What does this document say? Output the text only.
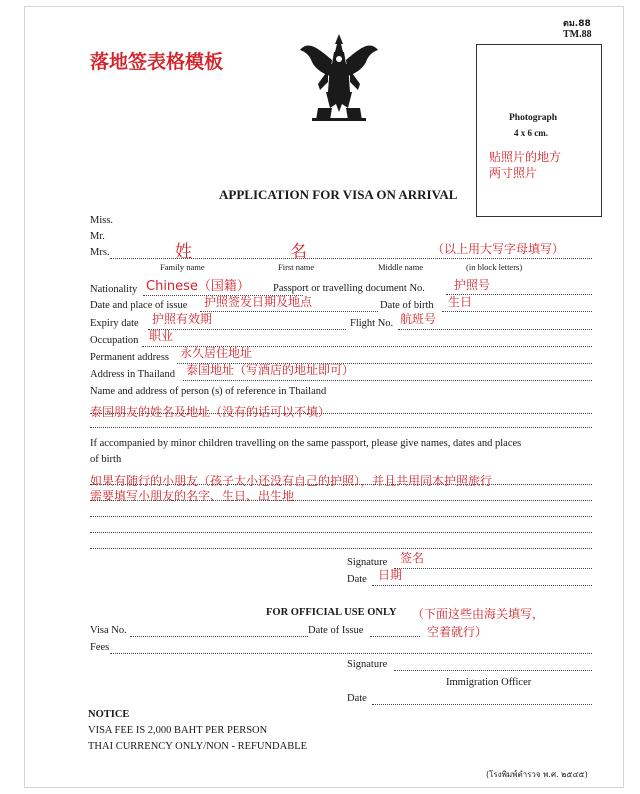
落地签表格模板
ตม.88
TM.88
Photograph
4 x 6 cm.
贴照片的地方
两寸照片
APPLICATION FOR VISA ON ARRIVAL
Miss.
Mr.
Mrs.	姓	名	（以上用大写字母填写）
Family name	First name	Middle name	(in block letters)
Nationality Chinese（国籍） Passport or travelling document No. 护照号
Date and place of issue 护照签发日期及地点	Date of birth 生日
Expiry date 护照有效期	Flight No. 航班号
Occupation 职业
Permanent address 永久居住地址
Address in Thailand 泰国地址（写酒店的地址即可）
Name and address of person (s) of reference in Thailand
泰国朋友的姓名及地址（没有的话可以不填）
If accompanied by minor children travelling on the same passport, please give names, dates and places
of birth
如果有随行的小朋友（孩子太小还没有自己的护照），并且共用同本护照旅行
需要填写小朋友的名字、生日、出生地
Signature 签名
Date 日期
FOR OFFICIAL USE ONLY （下面这些由海关填写，
空着就行）
Visa No.	Date of Issue
Fees
Signature
Immigration Officer
Date
NOTICE
VISA FEE IS 2,000 BAHT PER PERSON
THAI CURRENCY ONLY/NON - REFUNDABLE
(โรงพิมพ์ตำรวจ พ.ศ. ๒๕๔๕)
